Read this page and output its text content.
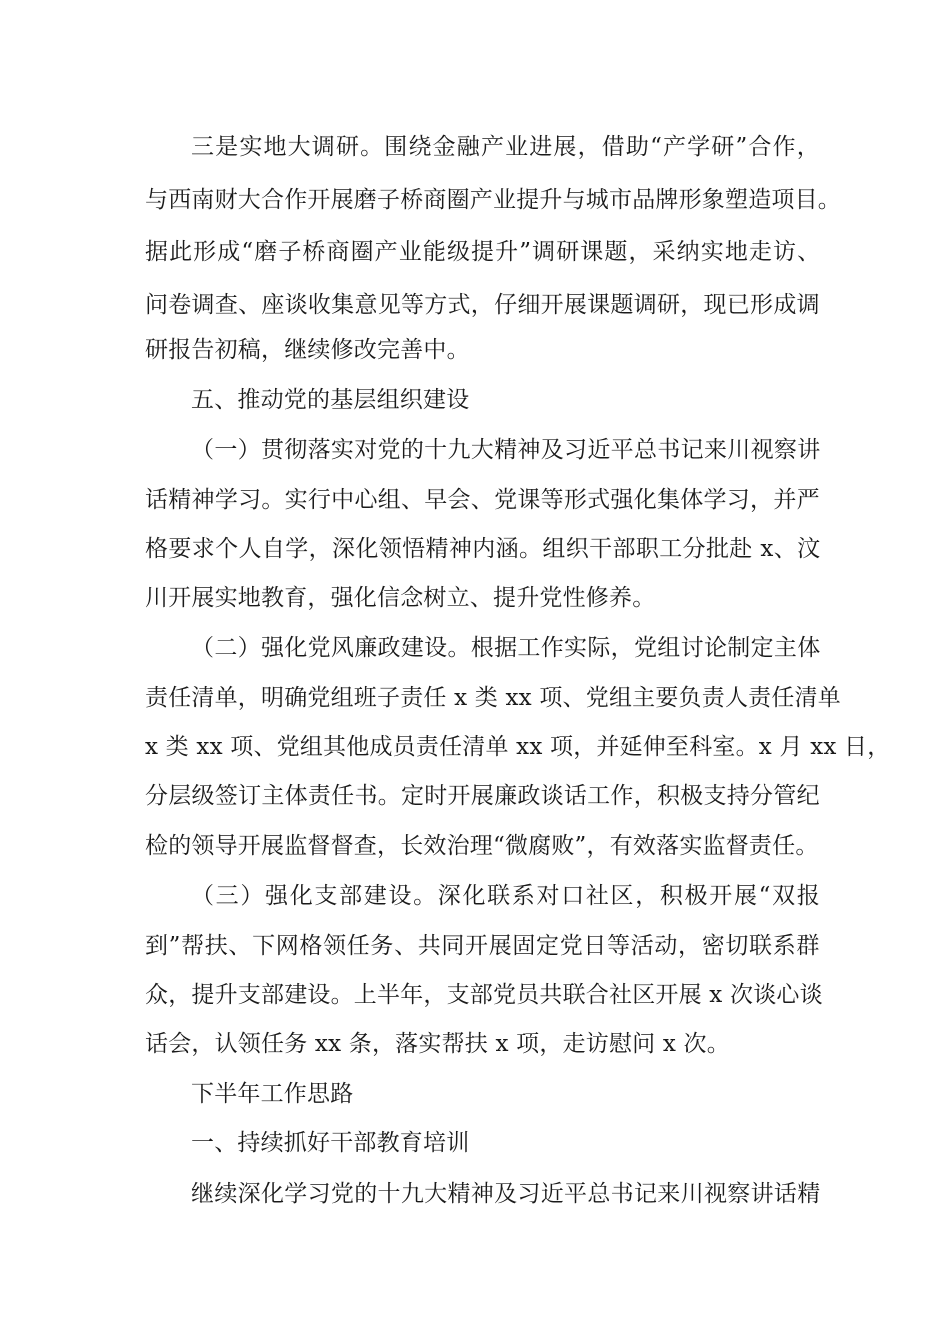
三是实地大调研。围绕金融产业进展，借助“产学研”合作，
与西南财大合作开展磨子桥商圈产业提升与城市品牌形象塑造项目。
据此形成“磨子桥商圈产业能级提升”调研课题，采纳实地走访、
问卷调查、座谈收集意见等方式，仔细开展课题调研，现已形成调
研报告初稿，继续修改完善中。
五、推动党的基层组织建设
（一）贯彻落实对党的十九大精神及习近平总书记来川视察讲
话精神学习。实行中心组、早会、党课等形式强化集体学习，并严
格要求个人自学，深化领悟精神内涵。组织干部职工分批赴 x、汶
川开展实地教育，强化信念树立、提升党性修养。
（二）强化党风廉政建设。根据工作实际，党组讨论制定主体
责任清单，明确党组班子责任 x 类 xx 项、党组主要负责人责任清单
x 类 xx 项、党组其他成员责任清单 xx 项，并延伸至科室。x 月 xx 日，
分层级签订主体责任书。定时开展廉政谈话工作，积极支持分管纪
检的领导开展监督督查，长效治理“微腐败”，有效落实监督责任。
（三）强化支部建设。深化联系对口社区，积极开展“双报
到”帮扶、下网格领任务、共同开展固定党日等活动，密切联系群
众，提升支部建设。上半年，支部党员共联合社区开展 x 次谈心谈
话会，认领任务 xx 条，落实帮扶 x 项，走访慰问 x 次。
下半年工作思路
一、持续抓好干部教育培训
继续深化学习党的十九大精神及习近平总书记来川视察讲话精
